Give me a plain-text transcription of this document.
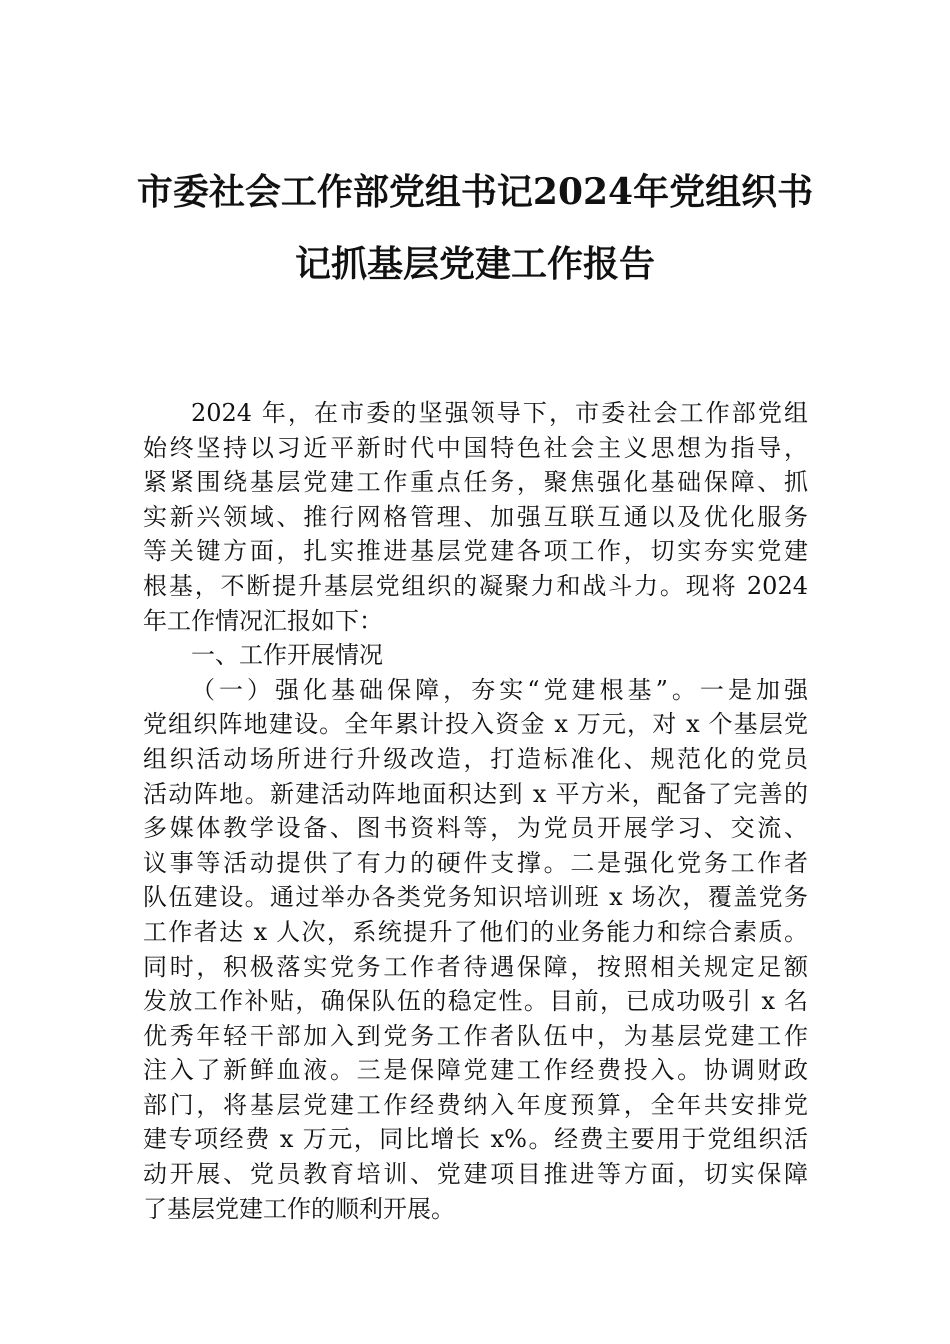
市委社会工作部党组书记2024年党组织书
记抓基层党建工作报告
2024 年，在市委的坚强领导下，市委社会工作部党组
始终坚持以习近平新时代中国特色社会主义思想为指导，
紧紧围绕基层党建工作重点任务，聚焦强化基础保障、抓
实新兴领域、推行网格管理、加强互联互通以及优化服务
等关键方面，扎实推进基层党建各项工作，切实夯实党建
根基，不断提升基层党组织的凝聚力和战斗力。现将 2024
年工作情况汇报如下：
一、工作开展情况
（一）强化基础保障，夯实“党建根基”。一是加强
党组织阵地建设。全年累计投入资金 x 万元，对 x 个基层党
组织活动场所进行升级改造，打造标准化、规范化的党员
活动阵地。新建活动阵地面积达到 x 平方米，配备了完善的
多媒体教学设备、图书资料等，为党员开展学习、交流、
议事等活动提供了有力的硬件支撑。二是强化党务工作者
队伍建设。通过举办各类党务知识培训班 x 场次，覆盖党务
工作者达 x 人次，系统提升了他们的业务能力和综合素质。
同时，积极落实党务工作者待遇保障，按照相关规定足额
发放工作补贴，确保队伍的稳定性。目前，已成功吸引 x 名
优秀年轻干部加入到党务工作者队伍中，为基层党建工作
注入了新鲜血液。三是保障党建工作经费投入。协调财政
部门，将基层党建工作经费纳入年度预算，全年共安排党
建专项经费 x 万元，同比增长 x%。经费主要用于党组织活
动开展、党员教育培训、党建项目推进等方面，切实保障
了基层党建工作的顺利开展。
